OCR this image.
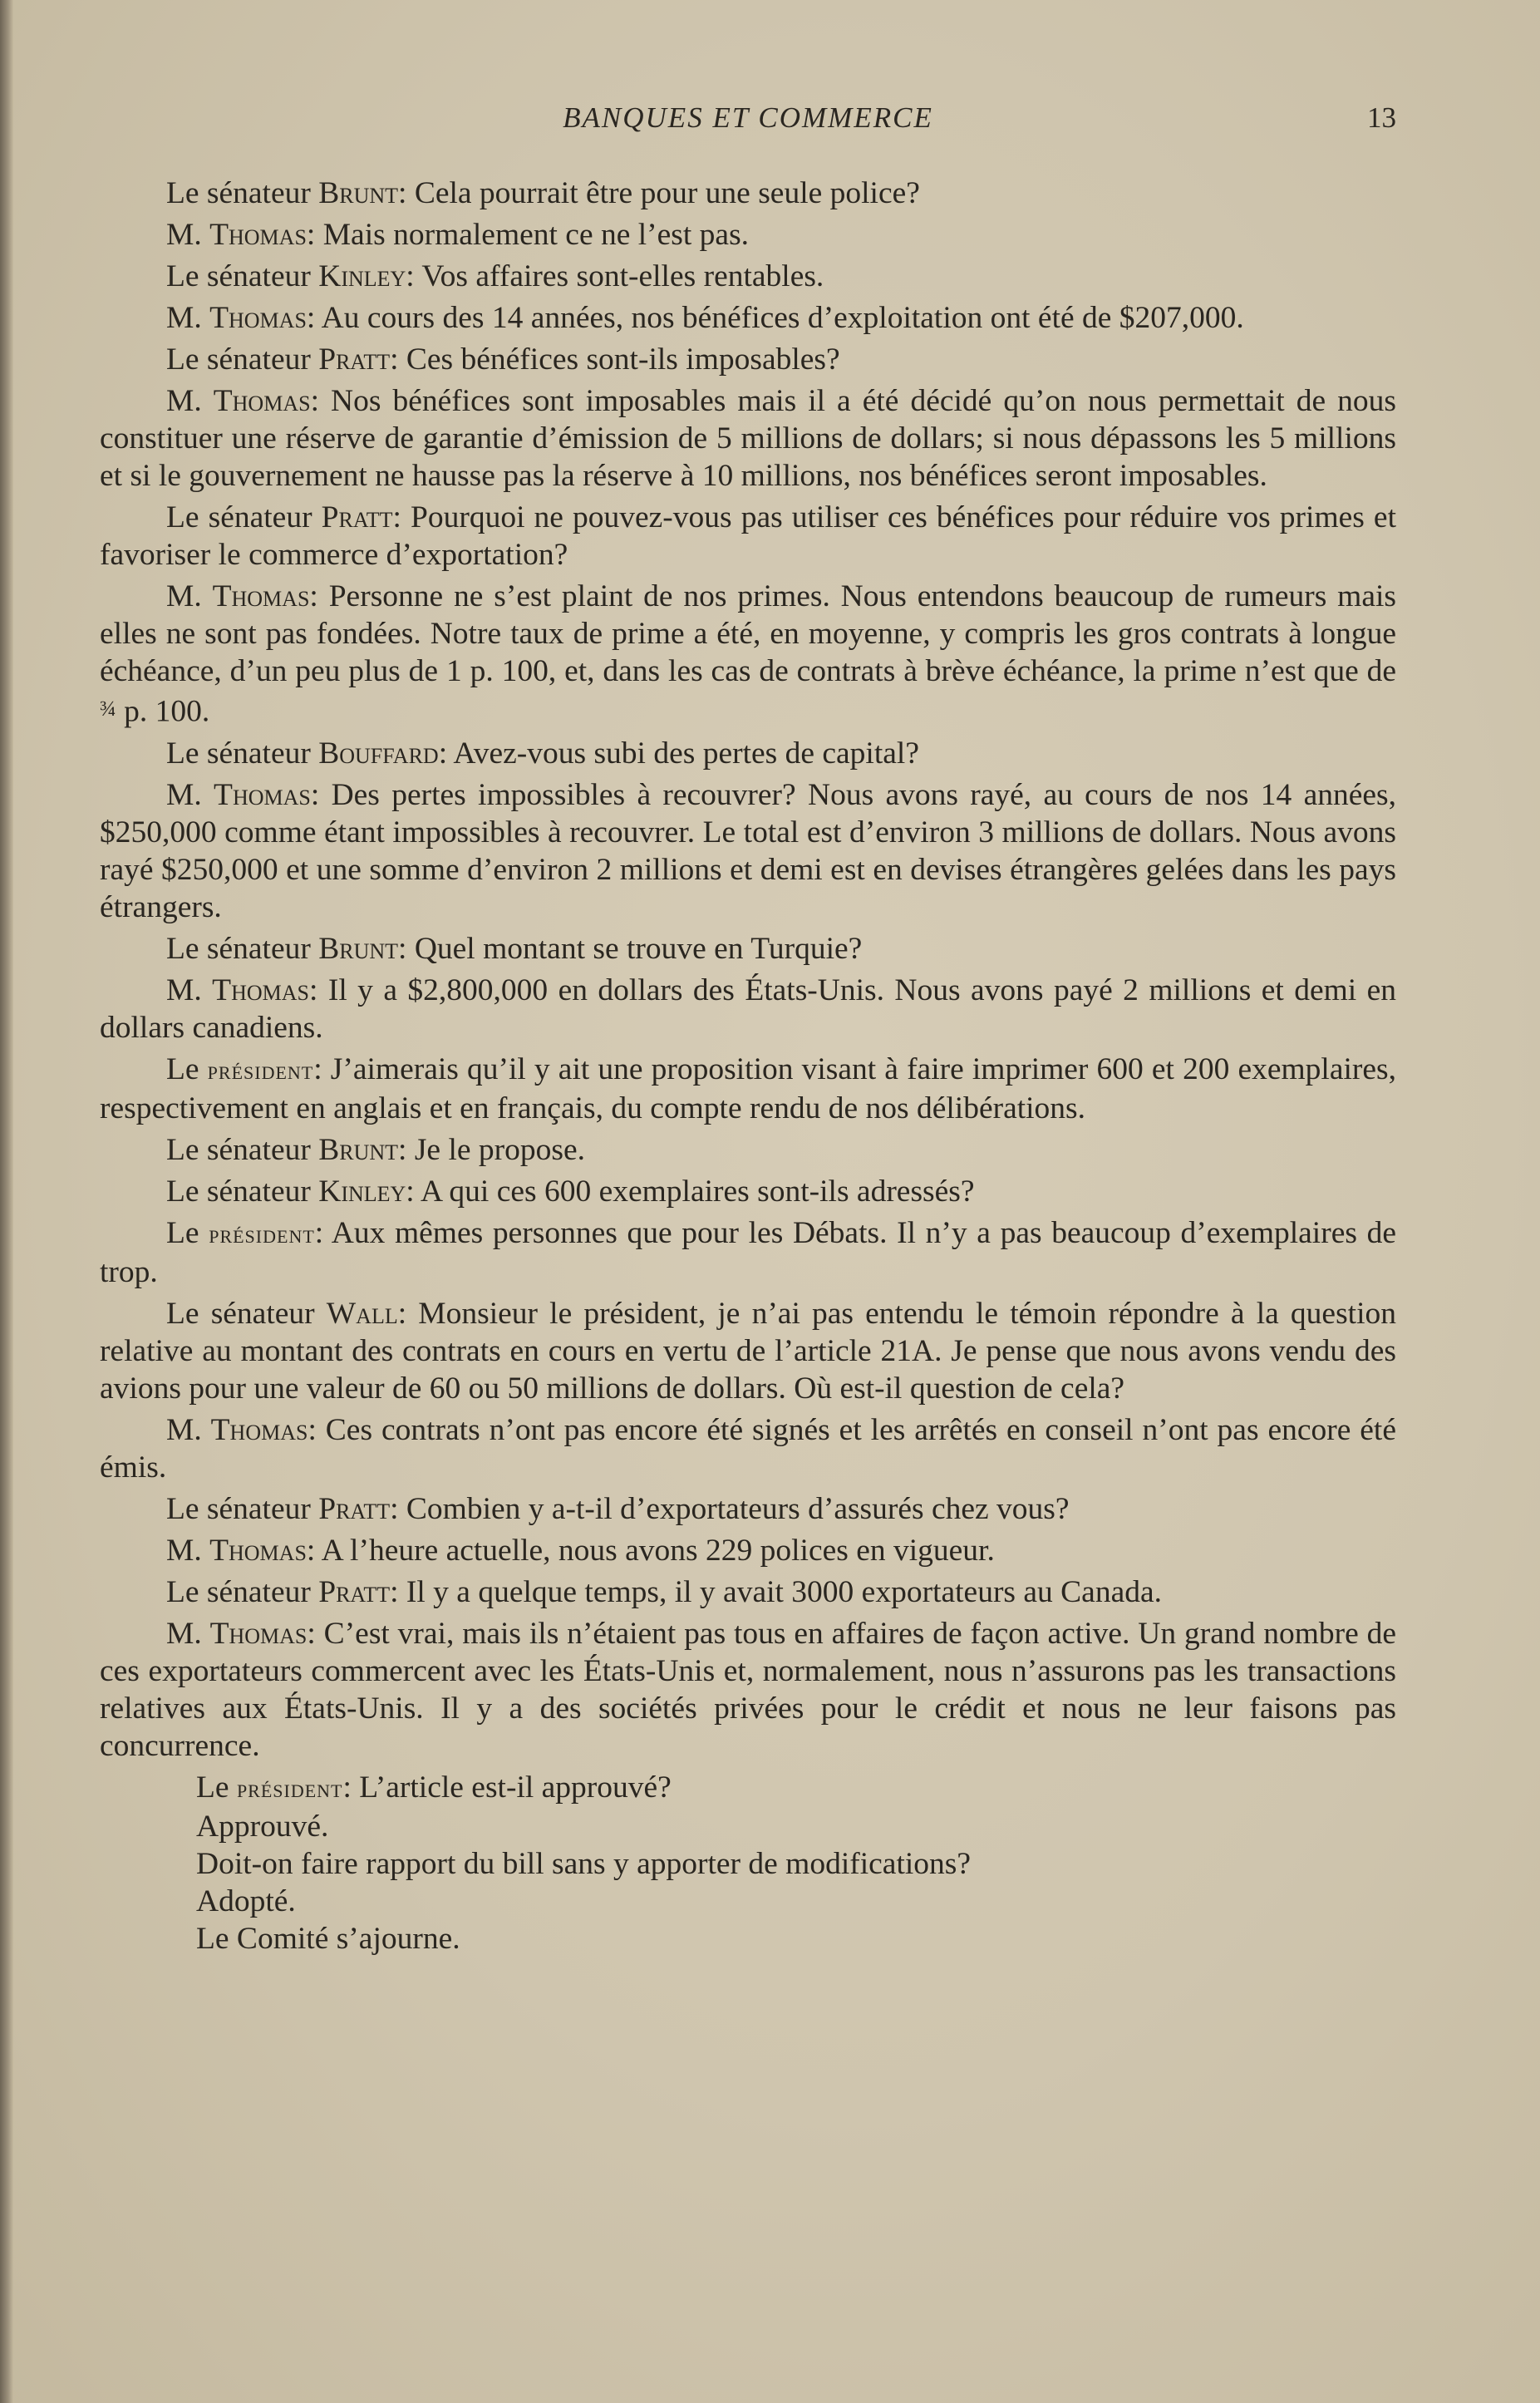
BANQUES ET COMMERCE	13

Le sénateur Brunt: Cela pourrait être pour une seule police?

M. Thomas: Mais normalement ce ne l’est pas.

Le sénateur Kinley: Vos affaires sont-elles rentables.

M. Thomas: Au cours des 14 années, nos bénéfices d’exploitation ont été de $207,000.

Le sénateur Pratt: Ces bénéfices sont-ils imposables?

M. Thomas: Nos bénéfices sont imposables mais il a été décidé qu’on nous permettait de nous constituer une réserve de garantie d’émission de 5 millions de dollars; si nous dépassons les 5 millions et si le gouvernement ne hausse pas la réserve à 10 millions, nos bénéfices seront imposables.

Le sénateur Pratt: Pourquoi ne pouvez-vous pas utiliser ces bénéfices pour réduire vos primes et favoriser le commerce d’exportation?

M. Thomas: Personne ne s’est plaint de nos primes. Nous entendons beaucoup de rumeurs mais elles ne sont pas fondées. Notre taux de prime a été, en moyenne, y compris les gros contrats à longue échéance, d’un peu plus de 1 p. 100, et, dans les cas de contrats à brève échéance, la prime n’est que de ¾ p. 100.

Le sénateur Bouffard: Avez-vous subi des pertes de capital?

M. Thomas: Des pertes impossibles à recouvrer? Nous avons rayé, au cours de nos 14 années, $250,000 comme étant impossibles à recouvrer. Le total est d’environ 3 millions de dollars. Nous avons rayé $250,000 et une somme d’environ 2 millions et demi est en devises étrangères gelées dans les pays étrangers.

Le sénateur Brunt: Quel montant se trouve en Turquie?

M. Thomas: Il y a $2,800,000 en dollars des États-Unis. Nous avons payé 2 millions et demi en dollars canadiens.

Le président: J’aimerais qu’il y ait une proposition visant à faire imprimer 600 et 200 exemplaires, respectivement en anglais et en français, du compte rendu de nos délibérations.

Le sénateur Brunt: Je le propose.

Le sénateur Kinley: A qui ces 600 exemplaires sont-ils adressés?

Le président: Aux mêmes personnes que pour les Débats. Il n’y a pas beaucoup d’exemplaires de trop.

Le sénateur Wall: Monsieur le président, je n’ai pas entendu le témoin répondre à la question relative au montant des contrats en cours en vertu de l’article 21A. Je pense que nous avons vendu des avions pour une valeur de 60 ou 50 millions de dollars. Où est-il question de cela?

M. Thomas: Ces contrats n’ont pas encore été signés et les arrêtés en conseil n’ont pas encore été émis.

Le sénateur Pratt: Combien y a-t-il d’exportateurs d’assurés chez vous?

M. Thomas: A l’heure actuelle, nous avons 229 polices en vigueur.

Le sénateur Pratt: Il y a quelque temps, il y avait 3000 exportateurs au Canada.

M. Thomas: C’est vrai, mais ils n’étaient pas tous en affaires de façon active. Un grand nombre de ces exportateurs commercent avec les États-Unis et, normalement, nous n’assurons pas les transactions relatives aux États-Unis. Il y a des sociétés privées pour le crédit et nous ne leur faisons pas concurrence.

Le président: L’article est-il approuvé?

Approuvé.

Doit-on faire rapport du bill sans y apporter de modifications?

Adopté.

Le Comité s’ajourne.
